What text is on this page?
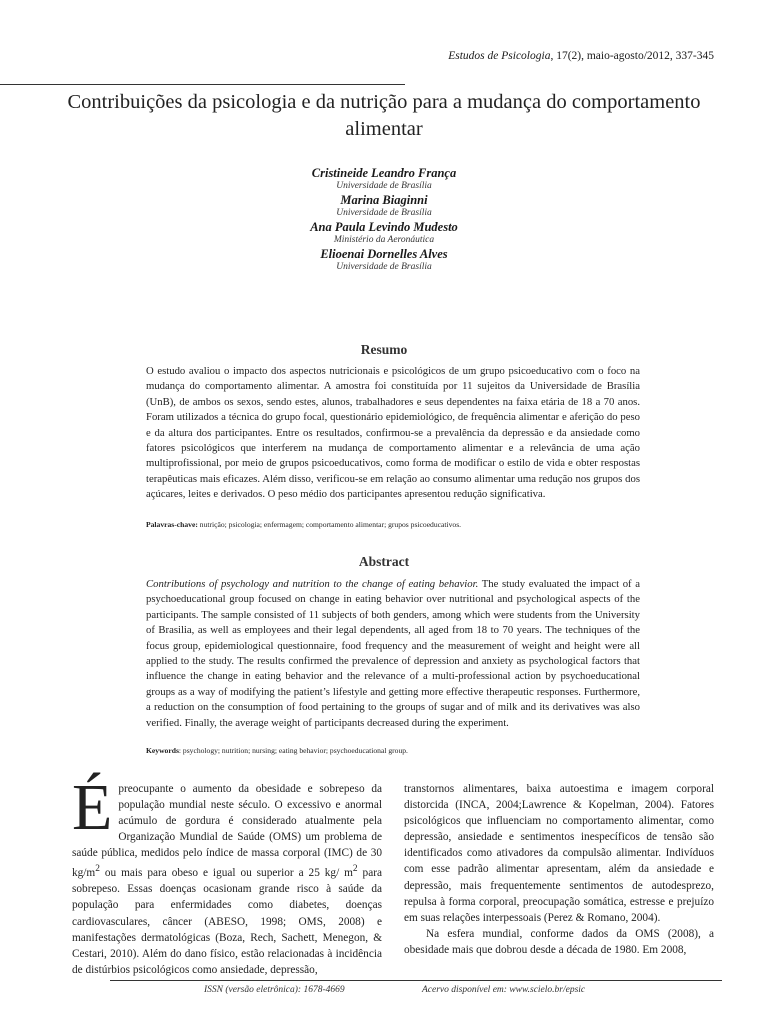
Estudos de Psicologia, 17(2), maio-agosto/2012, 337-345
Contribuições da psicologia e da nutrição para a mudança do comportamento alimentar
Cristineide Leandro França
Universidade de Brasília
Marina Biaginni
Universidade de Brasília
Ana Paula Levindo Mudesto
Ministério da Aeronáutica
Elioenai Dornelles Alves
Universidade de Brasília
Resumo
O estudo avaliou o impacto dos aspectos nutricionais e psicológicos de um grupo psicoeducativo com o foco na mudança do comportamento alimentar. A amostra foi constituída por 11 sujeitos da Universidade de Brasília (UnB), de ambos os sexos, sendo estes, alunos, trabalhadores e seus dependentes na faixa etária de 18 a 70 anos. Foram utilizados a técnica do grupo focal, questionário epidemiológico, de frequência alimentar e aferição do peso e da altura dos participantes. Entre os resultados, confirmou-se a prevalência da depressão e da ansiedade como fatores psicológicos que interferem na mudança de comportamento alimentar e a relevância de uma ação multiprofissional, por meio de grupos psicoeducativos, como forma de modificar o estilo de vida e obter respostas terapêuticas mais eficazes. Além disso, verificou-se em relação ao consumo alimentar uma redução nos grupos dos açúcares, leites e derivados. O peso médio dos participantes apresentou redução significativa.
Palavras-chave: nutrição; psicologia; enfermagem; comportamento alimentar; grupos psicoeducativos.
Abstract
Contributions of psychology and nutrition to the change of eating behavior. The study evaluated the impact of a psychoeducational group focused on change in eating behavior over nutritional and psychological aspects of the participants. The sample consisted of 11 subjects of both genders, among which were students from the University of Brasilia, as well as employees and their legal dependents, all aged from 18 to 70 years. The techniques of the focus group, epidemiological questionnaire, food frequency and the measurement of weight and height were all applied to the study. The results confirmed the prevalence of depression and anxiety as psychological factors that influence the change in eating behavior and the relevance of a multi-professional action by psychoeducational groups as a way of modifying the patient’s lifestyle and getting more effective therapeutic responses. Furthermore, a reduction on the consumption of food pertaining to the groups of sugar and of milk and its derivatives was also verified. Finally, the average weight of participants decreased during the experiment.
Keywords: psychology; nutrition; nursing; eating behavior; psychoeducational group.

Épreocupante o aumento da obesidade e sobrepeso da população mundial neste século. O excessivo e anormal acúmulo de gordura é considerado atualmente pela Organização Mundial de Saúde (OMS) um problema de saúde pública, medidos pelo índice de massa corporal (IMC) de 30 $kg/m^2$ ou mais para obeso e igual ou superior a 25 kg/ $m^2$ para sobrepeso. Essas doenças ocasionam grande risco à saúde da população para enfermidades como diabetes, doenças cardiovasculares, câncer (ABESO, 1998; OMS, 2008) e manifestações dermatológicas (Boza, Rech, Sachett, Menegon, & Cestari, 2010). Além do dano físico, estão relacionadas à incidência de distúrbios psicológicos como ansiedade, depressão,

transtornos alimentares, baixa autoestima e imagem corporal distorcida (INCA, 2004;Lawrence & Kopelman, 2004). Fatores psicológicos que influenciam no comportamento alimentar, como depressão, ansiedade e sentimentos inespecíficos de tensão são identificados como ativadores da compulsão alimentar. Indivíduos com esse padrão alimentar apresentam, além da ansiedade e depressão, mais frequentemente sentimentos de autodesprezo, repulsa à forma corporal, preocupação somática, estresse e prejuízo em suas relações interpessoais (Perez & Romano, 2004).

Na esfera mundial, conforme dados da OMS (2008), a obesidade mais que dobrou desde a década de 1980. Em 2008,

ISSN (versão eletrônica): 1678-4669	Acervo disponível em: www.scielo.br/epsic
